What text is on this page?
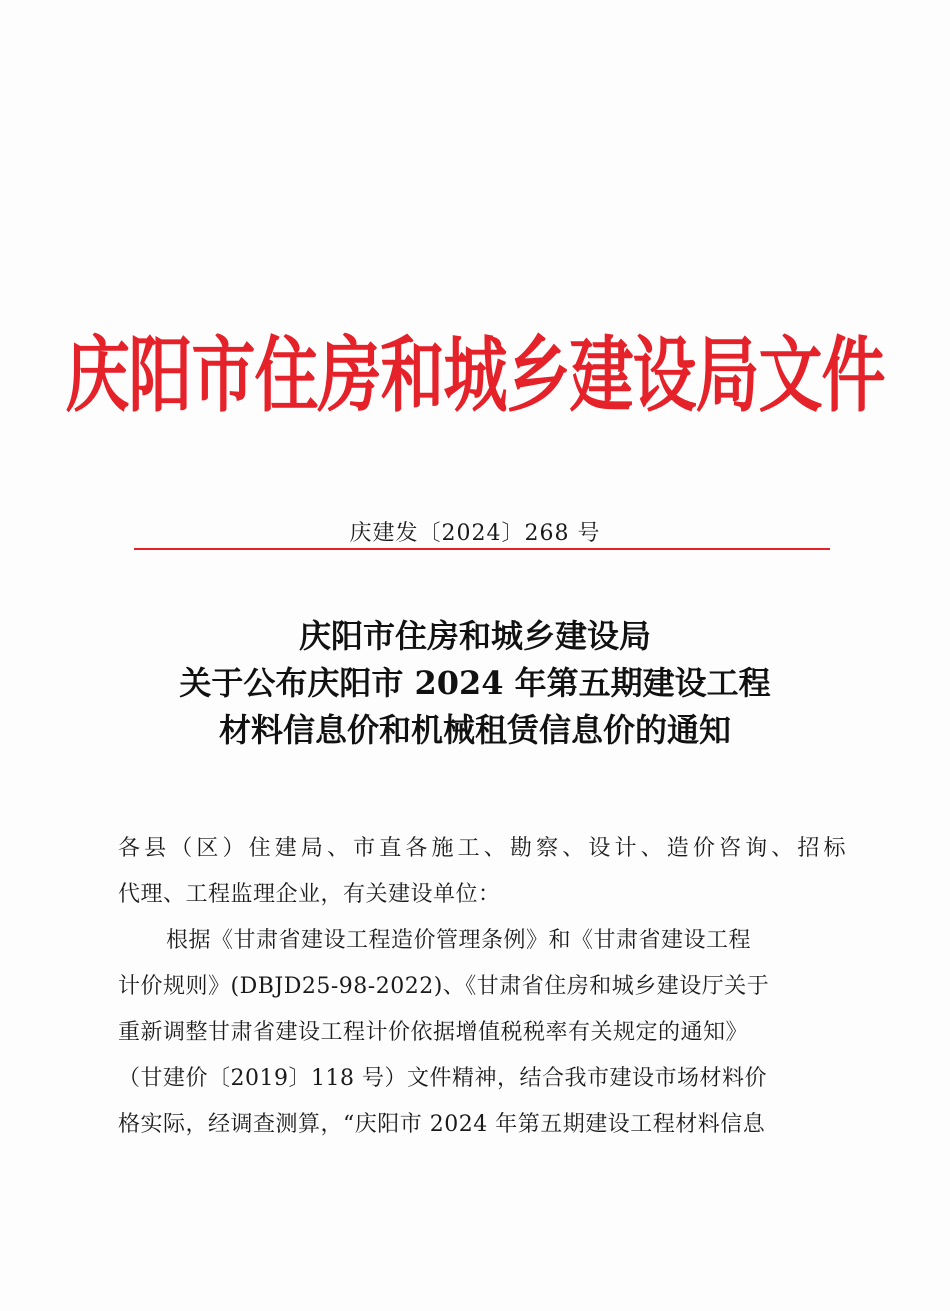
庆阳市住房和城乡建设局文件
庆建发〔2024〕268 号
庆阳市住房和城乡建设局
关于公布庆阳市 2024 年第五期建设工程
材料信息价和机械租赁信息价的通知
各县（区）住建局、市直各施工、勘察、设计、造价咨询、招标
代理、工程监理企业，有关建设单位：
根据《甘肃省建设工程造价管理条例》和《甘肃省建设工程
计价规则》(DBJD25-98-2022)、《甘肃省住房和城乡建设厅关于
重新调整甘肃省建设工程计价依据增值税税率有关规定的通知》
（甘建价〔2019〕118 号）文件精神，结合我市建设市场材料价
格实际，经调查测算，“庆阳市 2024 年第五期建设工程材料信息
